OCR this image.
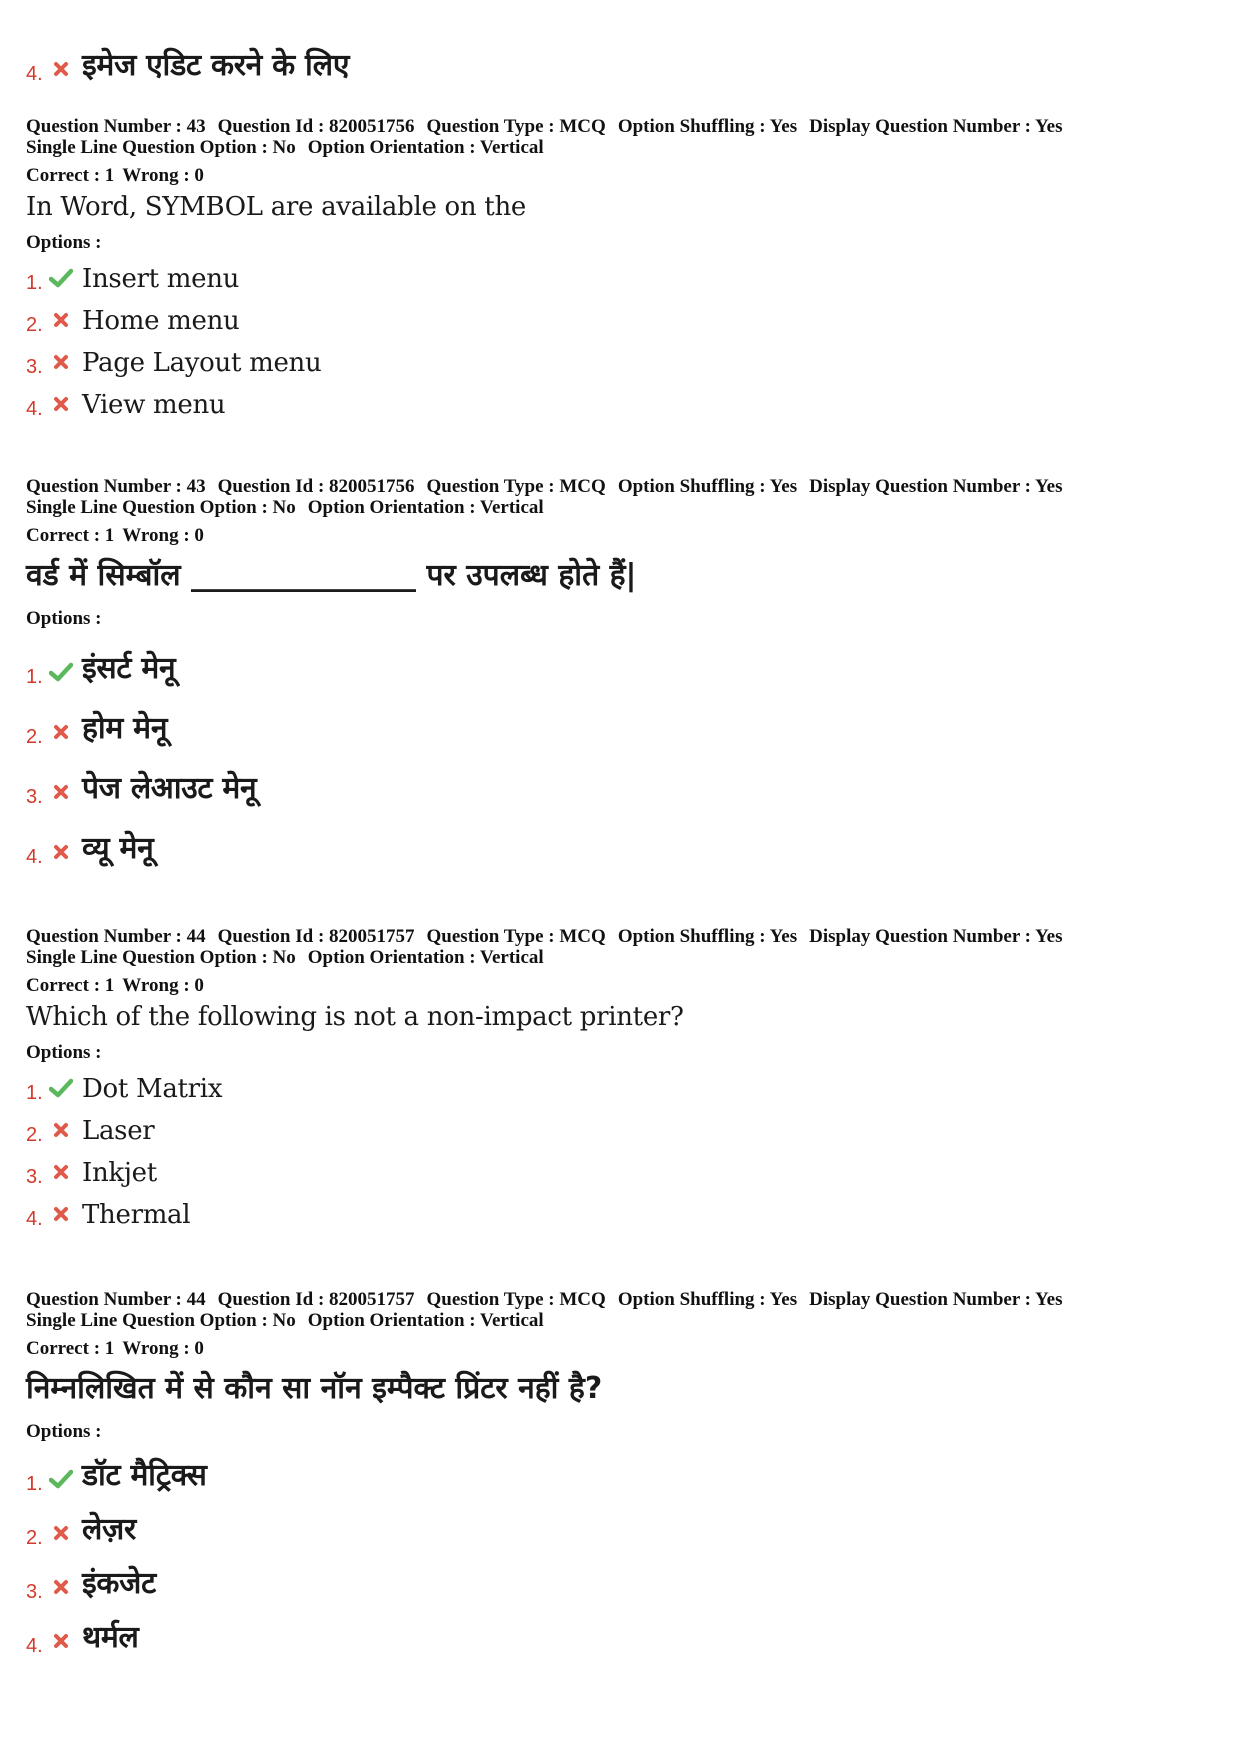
4. इमेज एडिट करने के लिए
Question Number : 43 Question Id : 820051756 Question Type : MCQ Option Shuffling : Yes Display Question Number : Yes
Single Line Question Option : No Option Orientation : Vertical
Correct : 1 Wrong : 0
In Word, SYMBOL are available on the
Options :
1. Insert menu
2. Home menu
3. Page Layout menu
4. View menu
Question Number : 43 Question Id : 820051756 Question Type : MCQ Option Shuffling : Yes Display Question Number : Yes
Single Line Question Option : No Option Orientation : Vertical
Correct : 1 Wrong : 0
वर्ड में सिम्बॉल _______________ पर उपलब्ध होते हैं|
Options :
1. इंसर्ट मेनू
2. होम मेनू
3. पेज लेआउट मेनू
4. व्यू मेनू
Question Number : 44 Question Id : 820051757 Question Type : MCQ Option Shuffling : Yes Display Question Number : Yes
Single Line Question Option : No Option Orientation : Vertical
Correct : 1 Wrong : 0
Which of the following is not a non-impact printer?
Options :
1. Dot Matrix
2. Laser
3. Inkjet
4. Thermal
Question Number : 44 Question Id : 820051757 Question Type : MCQ Option Shuffling : Yes Display Question Number : Yes
Single Line Question Option : No Option Orientation : Vertical
Correct : 1 Wrong : 0
निम्नलिखित में से कौन सा नॉन इम्पैक्ट प्रिंटर नहीं है?
Options :
1. डॉट मैट्रिक्स
2. लेज़र
3. इंकजेट
4. थर्मल
